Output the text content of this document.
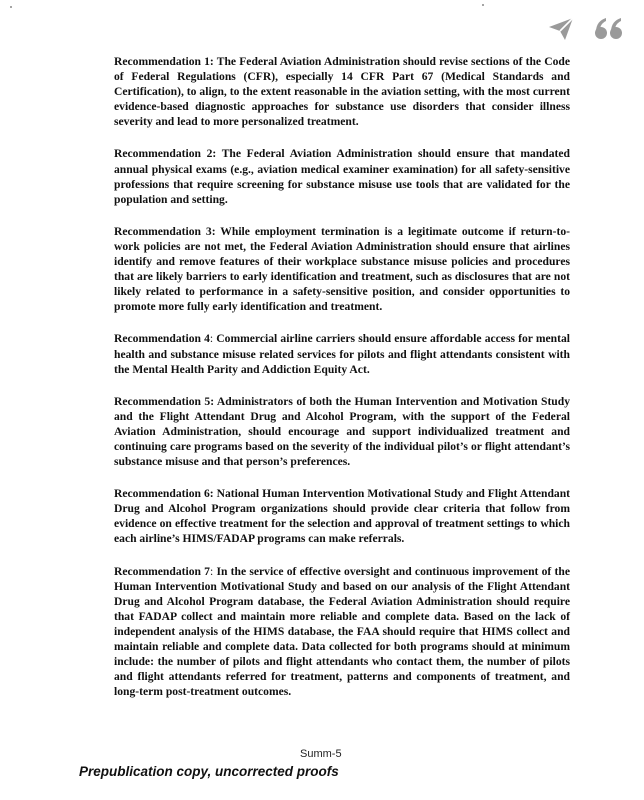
Recommendation 1: The Federal Aviation Administration should revise sections of the Code of Federal Regulations (CFR), especially 14 CFR Part 67 (Medical Standards and Certification), to align, to the extent reasonable in the aviation setting, with the most current evidence-based diagnostic approaches for substance use disorders that consider illness severity and lead to more personalized treatment.

Recommendation 2: The Federal Aviation Administration should ensure that mandated annual physical exams (e.g., aviation medical examiner examination) for all safety-sensitive professions that require screening for substance misuse use tools that are validated for the population and setting.

Recommendation 3: While employment termination is a legitimate outcome if return-to-work policies are not met, the Federal Aviation Administration should ensure that airlines identify and remove features of their workplace substance misuse policies and procedures that are likely barriers to early identification and treatment, such as disclosures that are not likely related to performance in a safety-sensitive position, and consider opportunities to promote more fully early identification and treatment.

Recommendation 4: Commercial airline carriers should ensure affordable access for mental health and substance misuse related services for pilots and flight attendants consistent with the Mental Health Parity and Addiction Equity Act.

Recommendation 5: Administrators of both the Human Intervention and Motivation Study and the Flight Attendant Drug and Alcohol Program, with the support of the Federal Aviation Administration, should encourage and support individualized treatment and continuing care programs based on the severity of the individual pilot’s or flight attendant’s substance misuse and that person’s preferences.

Recommendation 6: National Human Intervention Motivational Study and Flight Attendant Drug and Alcohol Program organizations should provide clear criteria that follow from evidence on effective treatment for the selection and approval of treatment settings to which each airline’s HIMS/FADAP programs can make referrals.

Recommendation 7: In the service of effective oversight and continuous improvement of the Human Intervention Motivational Study and based on our analysis of the Flight Attendant Drug and Alcohol Program database, the Federal Aviation Administration should require that FADAP collect and maintain more reliable and complete data. Based on the lack of independent analysis of the HIMS database, the FAA should require that HIMS collect and maintain reliable and complete data. Data collected for both programs should at minimum include: the number of pilots and flight attendants who contact them, the number of pilots and flight attendants referred for treatment, patterns and components of treatment, and long-term post-treatment outcomes.

Summ-5
Prepublication copy, uncorrected proofs
